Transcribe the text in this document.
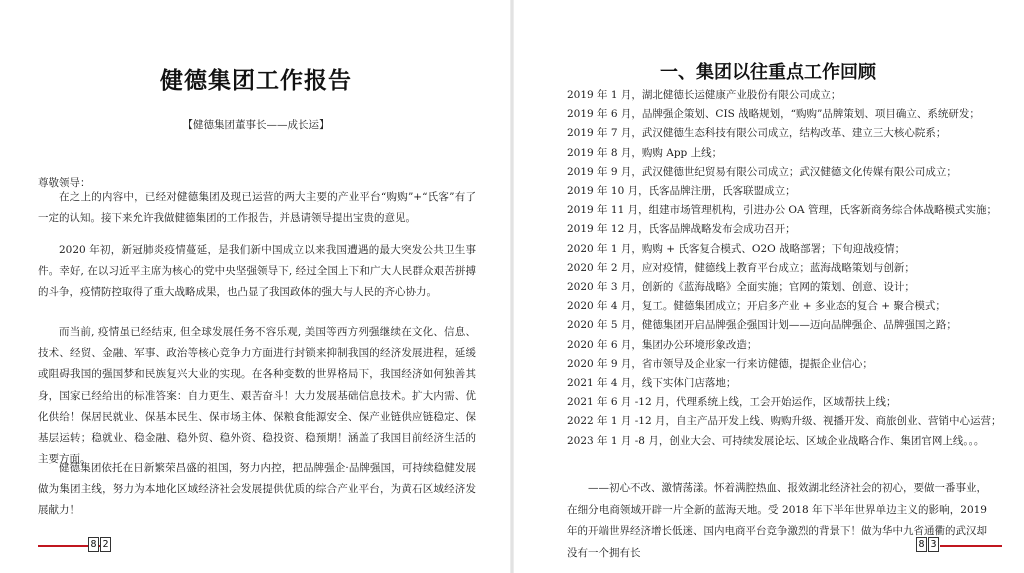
健德集团工作报告
【健德集团董事长——成长运】
尊敬领导：

在之上的内容中，已经对健德集团及现已运营的两大主要的产业平台“购购”+“氏客”有了一定的认知。接下来允许我做健德集团的工作报告，并恳请领导提出宝贵的意见。

2020 年初，新冠肺炎疫情蔓延，是我们新中国成立以来我国遭遇的最大突发公共卫生事件。幸好, 在以习近平主席为核心的党中央坚强领导下, 经过全国上下和广大人民群众艰苦拼搏的斗争，疫情防控取得了重大战略成果，也凸显了我国政体的强大与人民的齐心协力。

而当前, 疫情虽已经结束, 但全球发展任务不容乐观, 美国等西方列强继续在文化、信息、技术、经贸、金融、军事、政治等核心竞争力方面进行封锁来抑制我国的经济发展进程，延缓或阻碍我国的强国梦和民族复兴大业的实现。在各种变数的世界格局下，我国经济如何独善其身，国家已经给出的标准答案：自力更生、艰苦奋斗！大力发展基础信息技术。扩大内需、优化供给！保居民就业、保基本民生、保市场主体、保粮食能源安全、保产业链供应链稳定、保基层运转；稳就业、稳金融、稳外贸、稳外资、稳投资、稳预期！涵盖了我国目前经济生活的主要方面。

健德集团依托在日新繁荣昌盛的祖国，努力内控，把品牌强企·品牌强国，可持续稳健发展做为集团主线，努力为本地化区域经济社会发展提供优质的综合产业平台，为黄石区域经济发展献力！

8 2
一、集团以往重点工作回顾
2019 年 1 月，湖北健德长运健康产业股份有限公司成立；
2019 年 6 月，品牌强企策划、CIS 战略规划，“购购”品牌策划、项目确立、系统研发；
2019 年 7 月，武汉健德生态科技有限公司成立，结构改革、建立三大核心院系；
2019 年 8 月，购购 App 上线；
2019 年 9 月，武汉健德世纪贸易有限公司成立；武汉健德文化传媒有限公司成立；
2019 年 10 月，氏客品牌注册，氏客联盟成立；
2019 年 11 月，组建市场管理机构，引进办公 OA 管理，氏客新商务综合体战略模式实施；
2019 年 12 月，氏客品牌战略发布会成功召开；
2020 年 1 月，购购 + 氏客复合模式、O2O 战略部署；下旬迎战疫情；
2020 年 2 月，应对疫情，健德线上教育平台成立；蓝海战略策划与创新；
2020 年 3 月，创新的《蓝海战略》全面实施；官网的策划、创意、设计；
2020 年 4 月，复工。健德集团成立；开启多产业 + 多业态的复合 + 聚合模式；
2020 年 5 月，健德集团开启品牌强企强国计划——迈向品牌强企、品牌强国之路；
2020 年 6 月，集团办公环境形象改造；
2020 年 9 月，省市领导及企业家一行来访健德，提振企业信心；
2021 年 4 月，线下实体门店落地；
2021 年 6 月 -12 月，代理系统上线，工会开始运作，区域帮扶上线；
2022 年 1 月 -12 月，自主产品开发上线、购购升级、视播开发、商旅创业、营销中心运营；
2023 年 1 月 -8 月，创业大会、可持续发展论坛、区域企业战略合作、集团官网上线。。。

——初心不改、激情荡漾。怀着满腔热血、报效湖北经济社会的初心，要做一番事业，在细分电商领域开辟一片全新的蓝海天地。受 2018 年下半年世界单边主义的影响，2019 年的开端世界经济增长低迷、国内电商平台竞争激烈的背景下！做为华中九省通衢的武汉却没有一个拥有长

8 3
